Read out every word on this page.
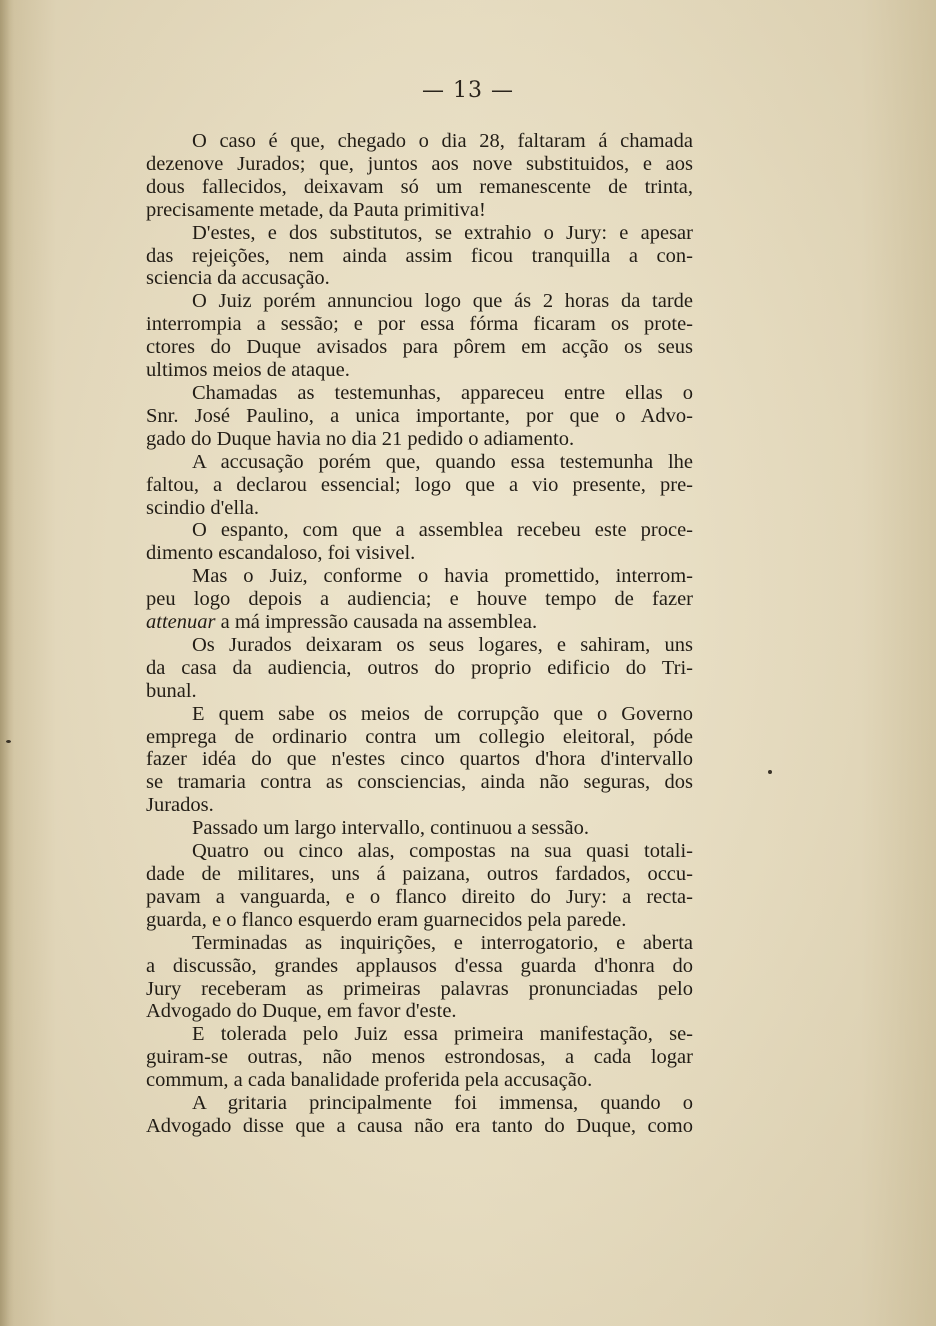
— 13 —
O caso é que, chegado o dia 28, faltaram á chamada
dezenove Jurados; que, juntos aos nove substituidos, e aos
dous fallecidos, deixavam só um remanescente de trinta,
precisamente metade, da Pauta primitiva!
D'estes, e dos substitutos, se extrahio o Jury: e apesar
das rejeições, nem ainda assim ficou tranquilla a con-
sciencia da accusação.
O Juiz porém annunciou logo que ás 2 horas da tarde
interrompia a sessão; e por essa fórma ficaram os prote-
ctores do Duque avisados para pôrem em acção os seus
ultimos meios de ataque.
Chamadas as testemunhas, appareceu entre ellas o
Snr. José Paulino, a unica importante, por que o Advo-
gado do Duque havia no dia 21 pedido o adiamento.
A accusação porém que, quando essa testemunha lhe
faltou, a declarou essencial; logo que a vio presente, pre-
scindio d'ella.
O espanto, com que a assemblea recebeu este proce-
dimento escandaloso, foi visivel.
Mas o Juiz, conforme o havia promettido, interrom-
peu logo depois a audiencia; e houve tempo de fazer
attenuar a má impressão causada na assemblea.
Os Jurados deixaram os seus logares, e sahiram, uns
da casa da audiencia, outros do proprio edificio do Tri-
bunal.
E quem sabe os meios de corrupção que o Governo
emprega de ordinario contra um collegio eleitoral, póde
fazer idéa do que n'estes cinco quartos d'hora d'intervallo
se tramaria contra as consciencias, ainda não seguras, dos
Jurados.
Passado um largo intervallo, continuou a sessão.
Quatro ou cinco alas, compostas na sua quasi totali-
dade de militares, uns á paizana, outros fardados, occu-
pavam a vanguarda, e o flanco direito do Jury: a recta-
guarda, e o flanco esquerdo eram guarnecidos pela parede.
Terminadas as inquirições, e interrogatorio, e aberta
a discussão, grandes applausos d'essa guarda d'honra do
Jury receberam as primeiras palavras pronunciadas pelo
Advogado do Duque, em favor d'este.
E tolerada pelo Juiz essa primeira manifestação, se-
guiram-se outras, não menos estrondosas, a cada logar
commum, a cada banalidade proferida pela accusação.
A gritaria principalmente foi immensa, quando o
Advogado disse que a causa não era tanto do Duque, como
